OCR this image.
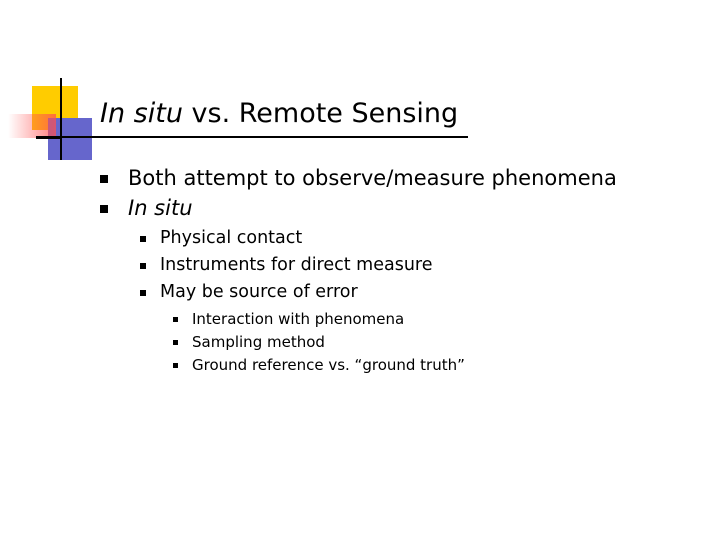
In situ vs. Remote Sensing
Both attempt to observe/measure phenomena
In situ
Physical contact
Instruments for direct measure
May be source of error
Interaction with phenomena
Sampling method
Ground reference vs. “ground truth”
